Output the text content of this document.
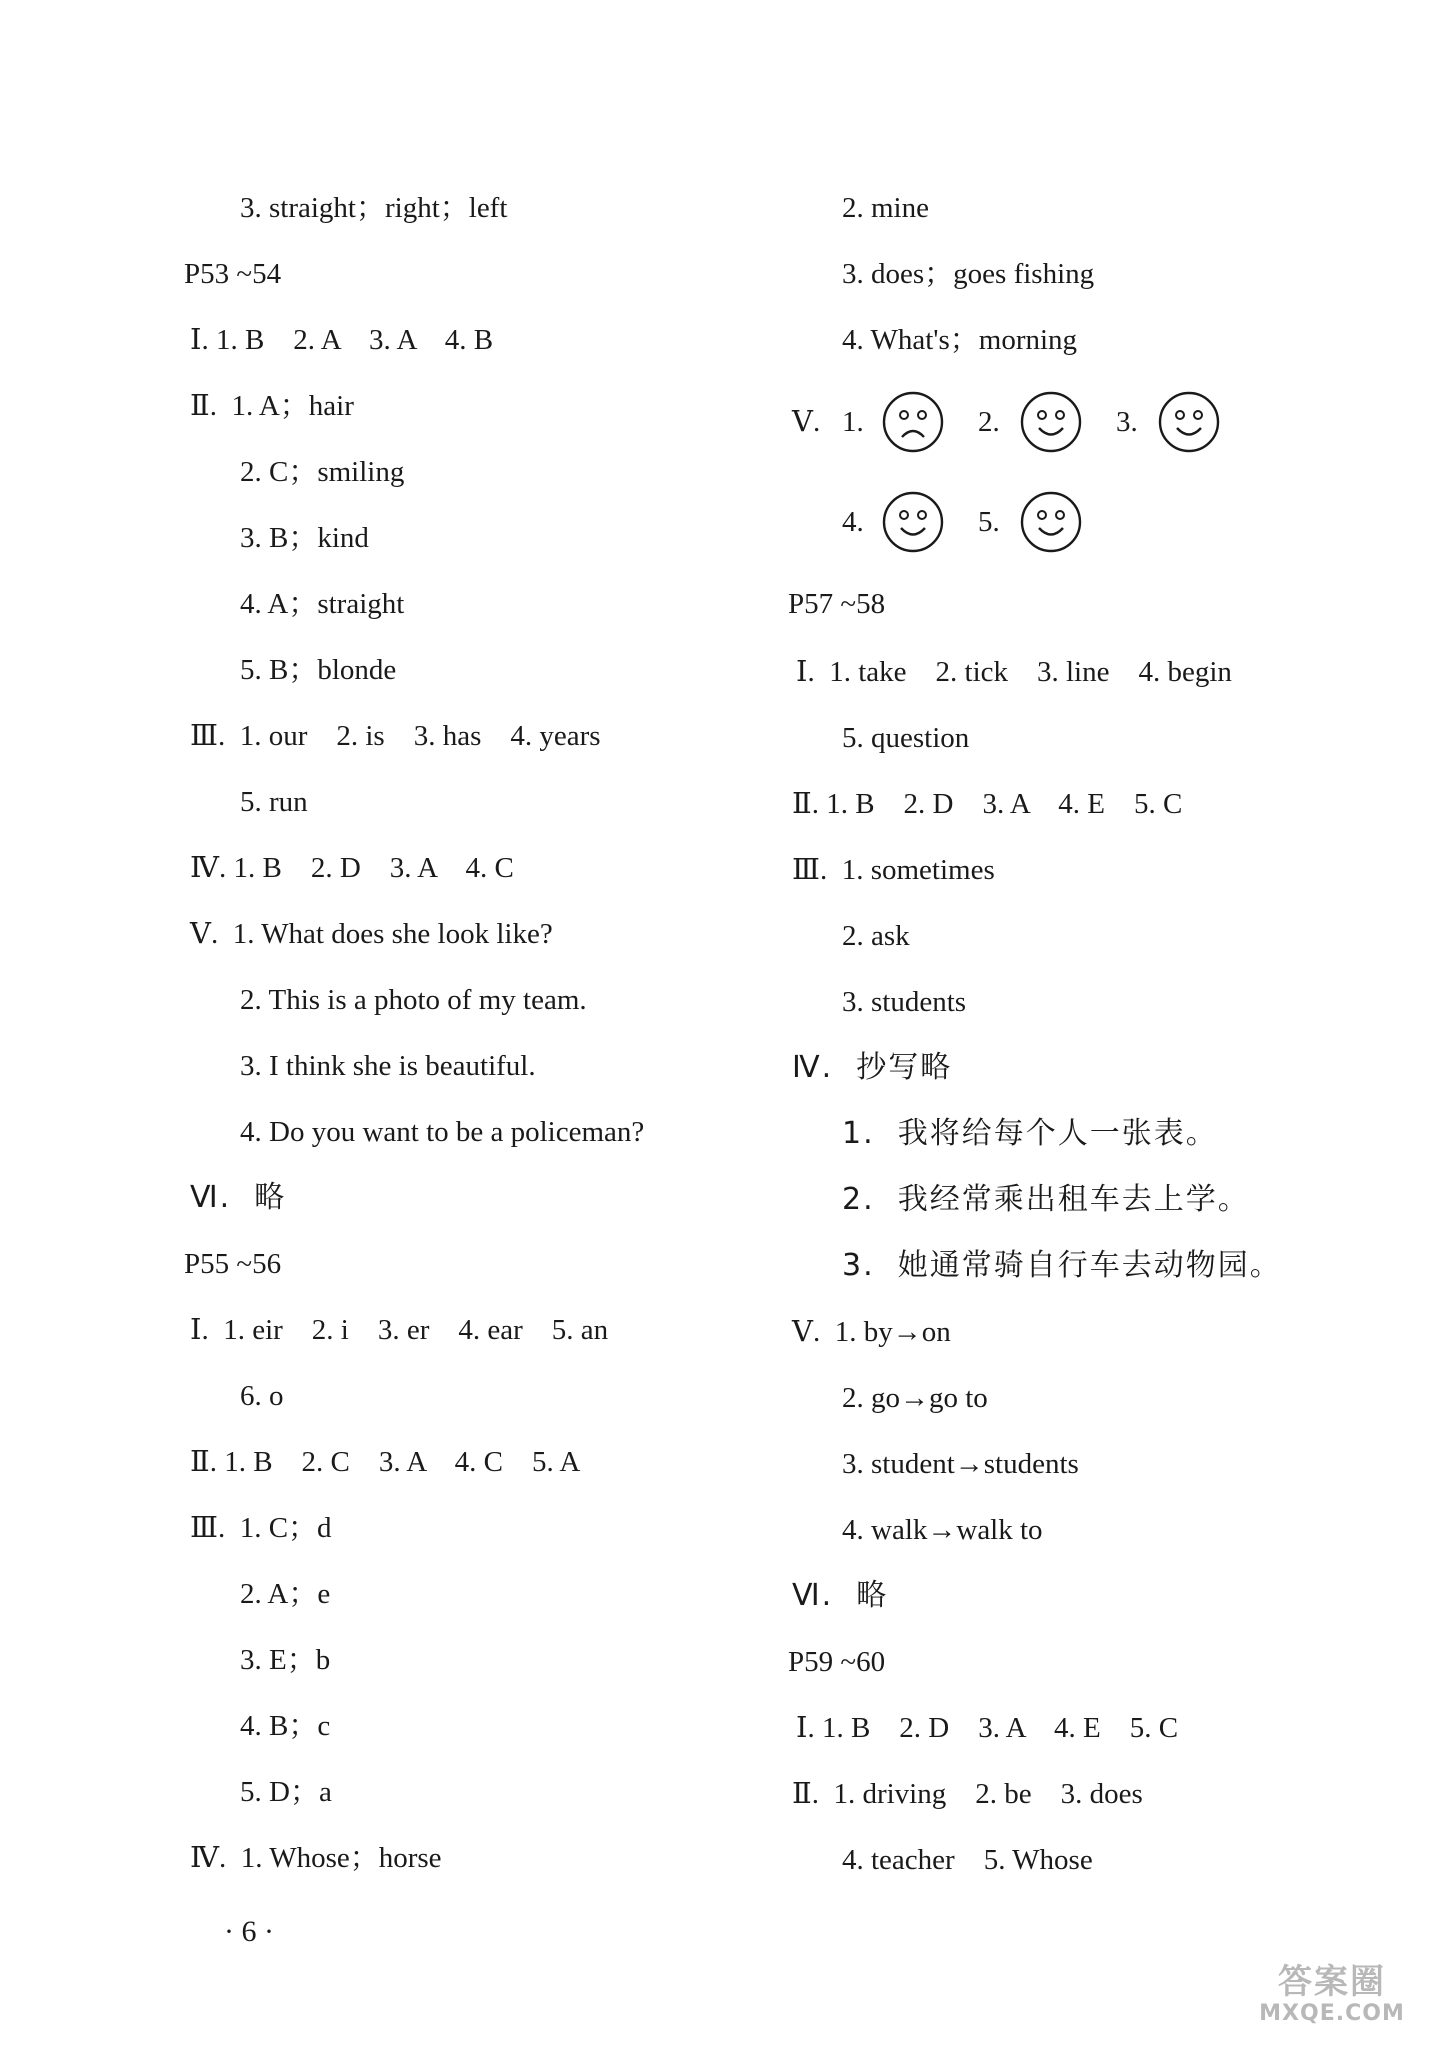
3. straight；right；left
P53 ~54
Ⅰ. 1. B    2. A    3. A    4. B
Ⅱ.  1. A；hair
2. C；smiling
3. B；kind
4. A；straight
5. B；blonde
Ⅲ.  1. our    2. is    3. has    4. years
5. run
Ⅳ. 1. B    2. D    3. A    4. C
Ⅴ.  1. What does she look like?
2. This is a photo of my team.
3. I think she is beautiful.
4. Do you want to be a policeman?
Ⅵ.  略
P55 ~56
Ⅰ.  1. eir    2. i    3. er    4. ear    5. an
6. o
Ⅱ. 1. B    2. C    3. A    4. C    5. A
Ⅲ.  1. C；d
2. A；e
3. E；b
4. B；c
5. D；a
Ⅳ.  1. Whose；horse
2. mine
3. does；goes fishing
4. What's；morning
Ⅴ. 1.	2.	3.
4.	5.
P57 ~58
Ⅰ.  1. take    2. tick    3. line    4. begin
5. question
Ⅱ. 1. B    2. D    3. A    4. E    5. C
Ⅲ.  1. sometimes
2. ask
3. students
Ⅳ.  抄写略
1.  我将给每个人一张表。
2.  我经常乘出租车去上学。
3.  她通常骑自行车去动物园。
Ⅴ.  1. by→on
2. go→go to
3. student→students
4. walk→walk to
Ⅵ.  略
P59 ~60
Ⅰ. 1. B    2. D    3. A    4. E    5. C
Ⅱ.  1. driving    2. be    3. does
4. teacher    5. Whose
· 6 ·
答案圈
MXQE.COM
